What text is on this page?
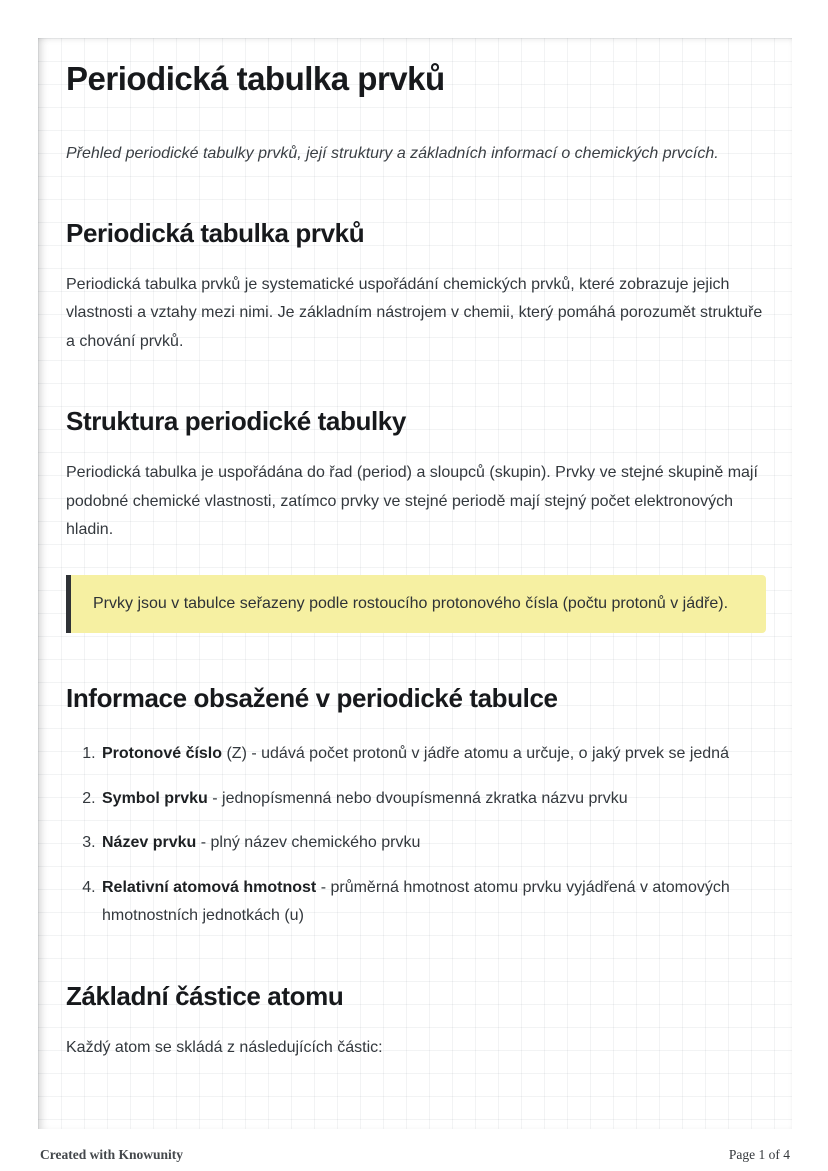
Periodická tabulka prvků

Přehled periodické tabulky prvků, její struktury a základních informací o chemických prvcích.

Periodická tabulka prvků

Periodická tabulka prvků je systematické uspořádání chemických prvků, které zobrazuje jejich vlastnosti a vztahy mezi nimi. Je základním nástrojem v chemii, který pomáhá porozumět struktuře a chování prvků.

Struktura periodické tabulky

Periodická tabulka je uspořádána do řad (period) a sloupců (skupin). Prvky ve stejné skupině mají podobné chemické vlastnosti, zatímco prvky ve stejné periodě mají stejný počet elektronových hladin.

Prvky jsou v tabulce seřazeny podle rostoucího protonového čísla (počtu protonů v jádře).
Informace obsažené v periodické tabulce
1. Protonové číslo (Z) - udává počet protonů v jádře atomu a určuje, o jaký prvek se jedná
2. Symbol prvku - jednopísmenná nebo dvoupísmenná zkratka názvu prvku
3. Název prvku - plný název chemického prvku
4. Relativní atomová hmotnost - průměrná hmotnost atomu prvku vyjádřená v atomových hmotnostních jednotkách (u)
Základní částice atomu

Každý atom se skládá z následujících částic:

Created with Knowunity	Page 1 of 4
